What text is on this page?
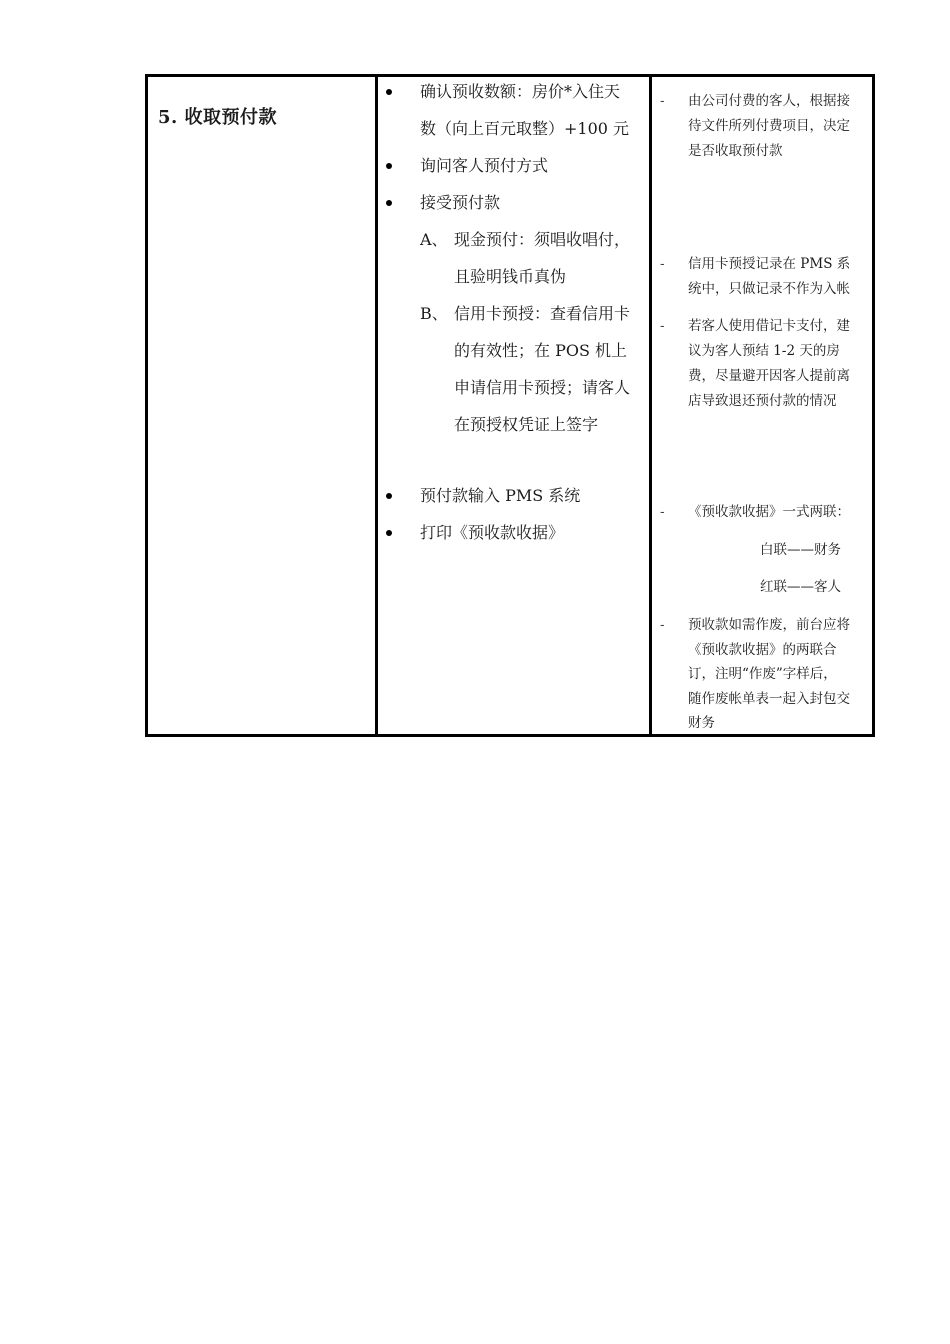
5. 收取预付款
确认预收数额：房价*入住天
数（向上百元取整）+100 元
询问客人预付方式
接受预付款
A、 现金预付：须唱收唱付，
且验明钱币真伪
B、 信用卡预授：查看信用卡
的有效性；在 POS 机上
申请信用卡预授；请客人
在预授权凭证上签字
预付款输入 PMS 系统
打印《预收款收据》
- 由公司付费的客人，根据接
待文件所列付费项目，决定
是否收取预付款
- 信用卡预授记录在 PMS 系
统中，只做记录不作为入帐
- 若客人使用借记卡支付，建
议为客人预结 1-2 天的房
费，尽量避开因客人提前离
店导致退还预付款的情况
- 《预收款收据》一式两联：
白联——财务
红联——客人
- 预收款如需作废，前台应将
《预收款收据》的两联合
订，注明“作废”字样后，
随作废帐单表一起入封包交
财务
